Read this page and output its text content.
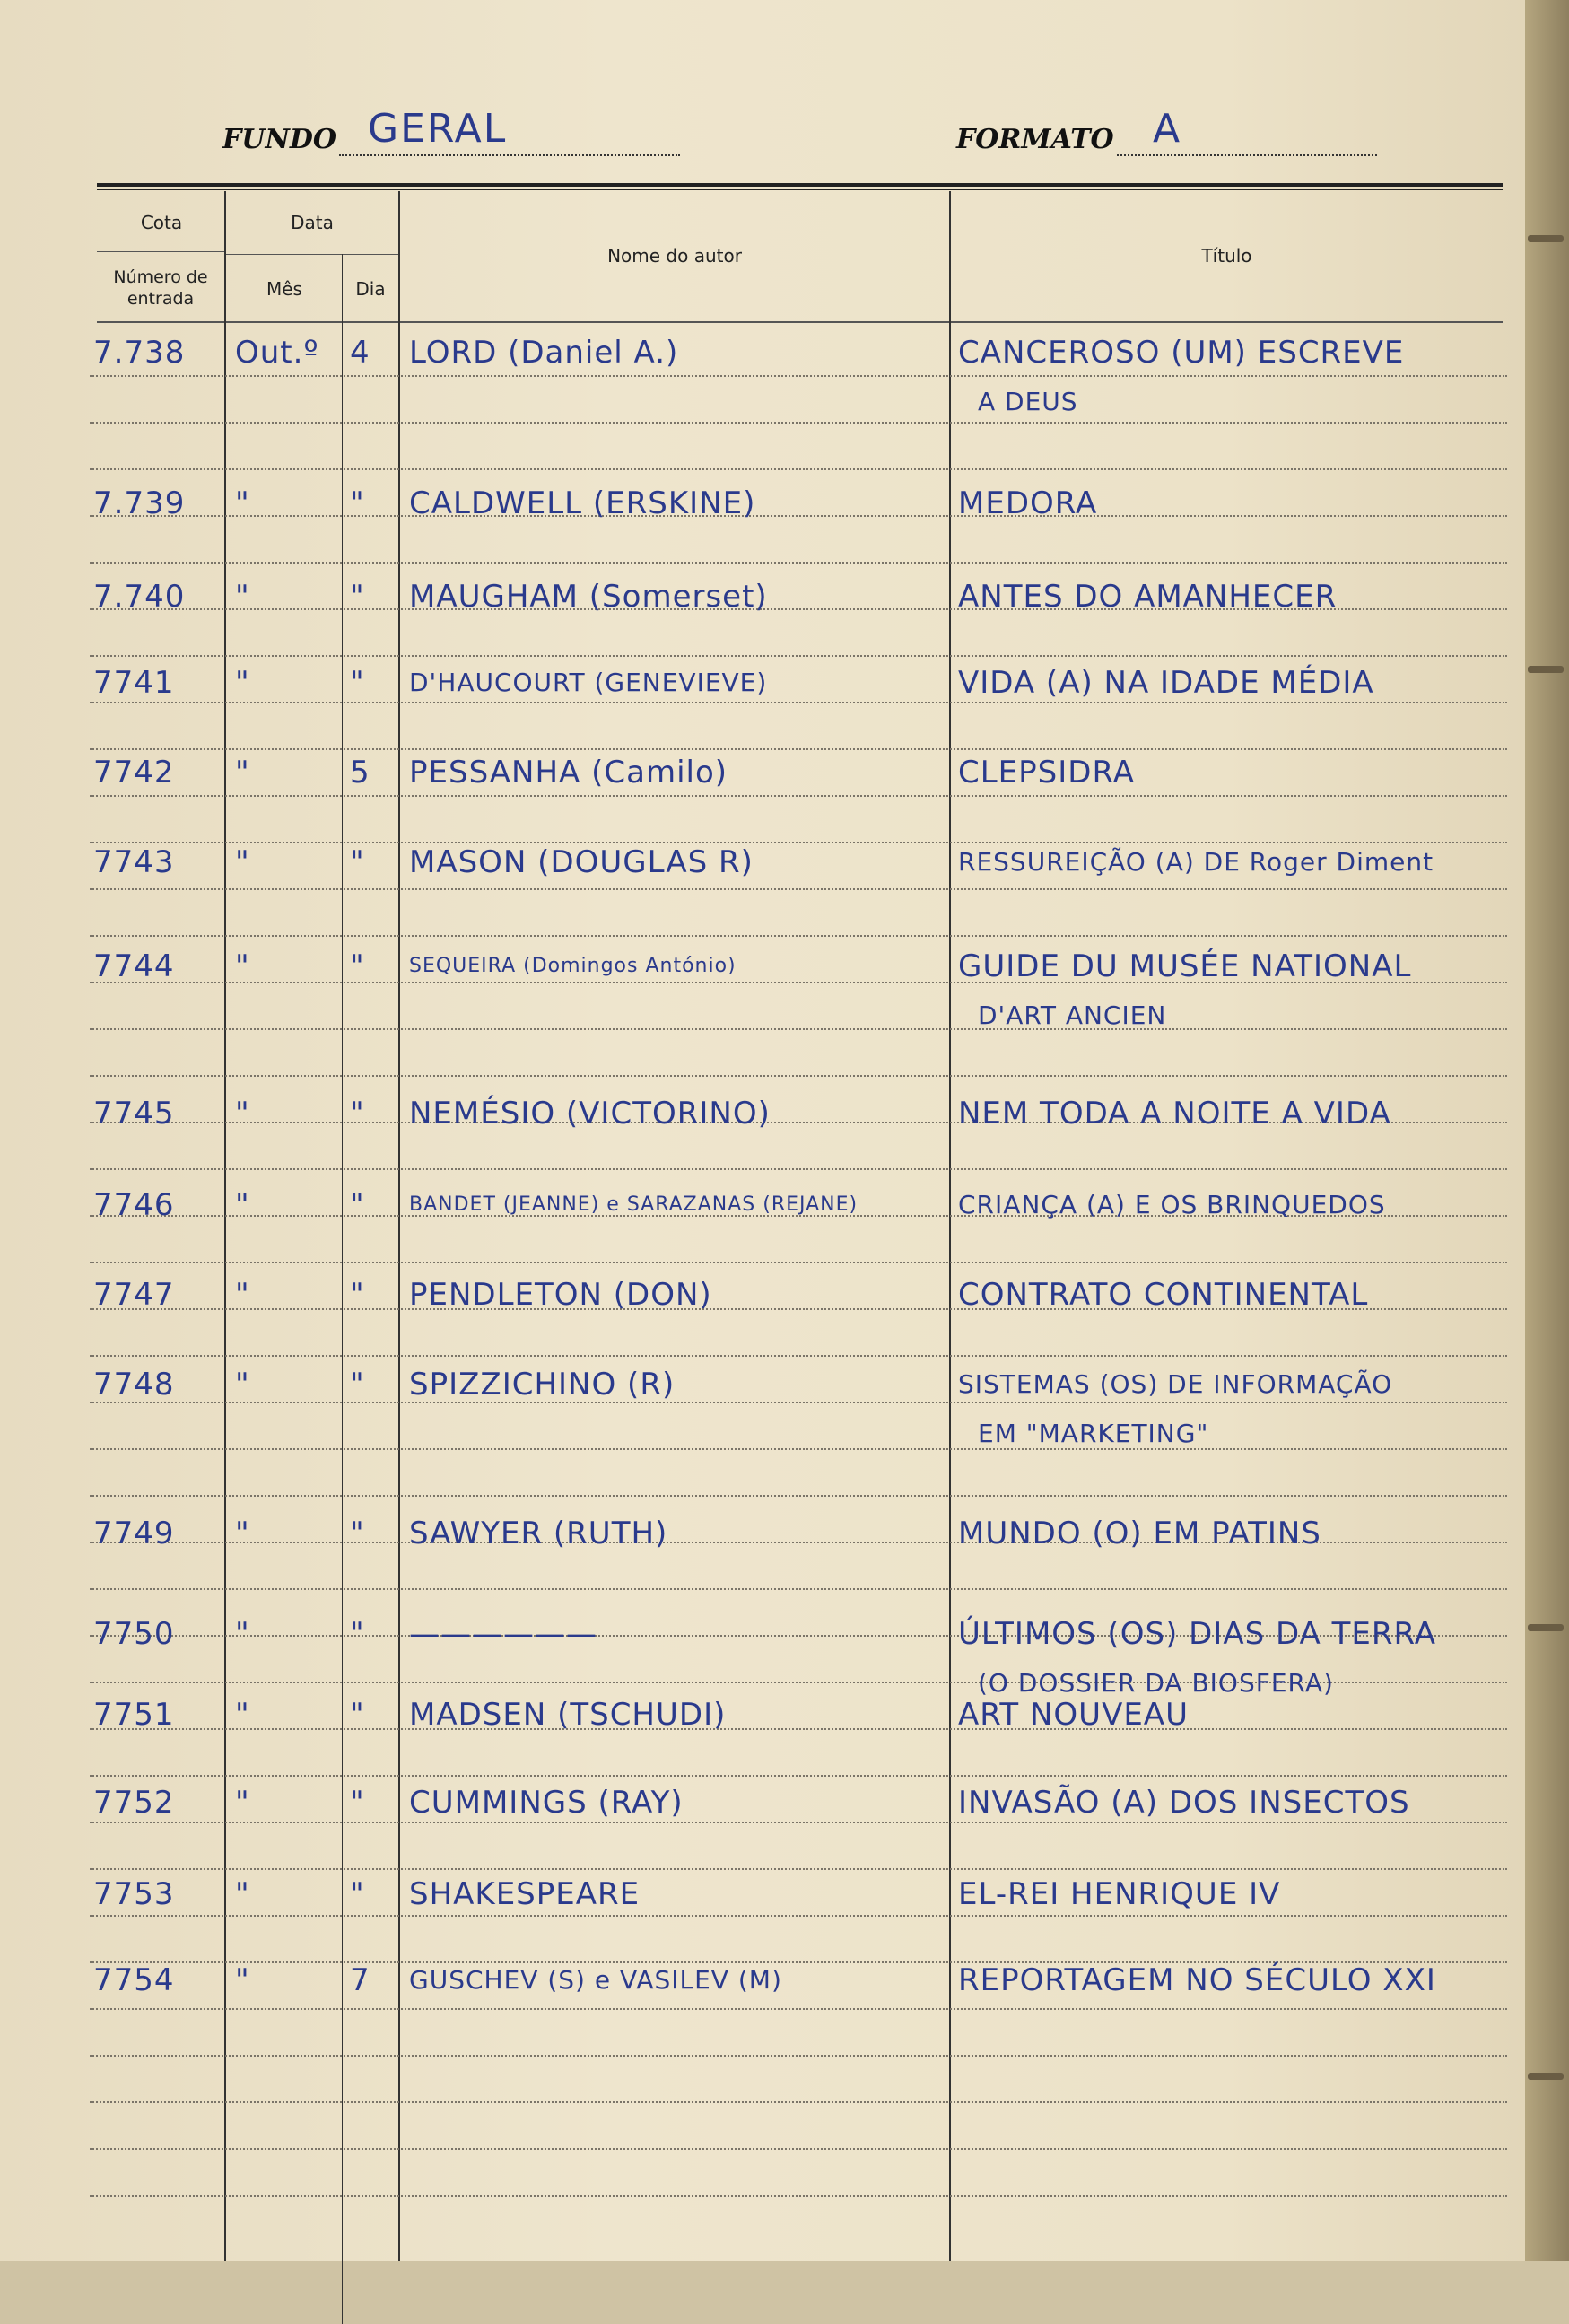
FUNDO GERAL	FORMATO A
Cota
Número de entrada
Data
Mês	Dia
Nome do autor	Título
7.738	Out.º	4	LORD (Daniel A.)	CANCEROSO (UM) ESCREVE
A DEUS
7.739	"	"	CALDWELL (ERSKINE)	MEDORA
7.740	"	"	MAUGHAM (Somerset)	ANTES DO AMANHECER
7741	"	"	D'HAUCOURT (GENEVIEVE)	VIDA (A) NA IDADE MÉDIA
7742	"	5	PESSANHA (Camilo)	CLEPSIDRA
7743	"	"	MASON (DOUGLAS R)	RESSUREIÇÃO (A) DE Roger Diment
7744	"	"	SEQUEIRA (Domingos António)	GUIDE DU MUSÉE NATIONAL
D'ART ANCIEN
7745	"	"	NEMÉSIO (VICTORINO)	NEM TODA A NOITE A VIDA
7746	"	"	BANDET (JEANNE) e SARAZANAS (REJANE)	CRIANÇA (A) E OS BRINQUEDOS
7747	"	"	PENDLETON (DON)	CONTRATO CONTINENTAL
7748	"	"	SPIZZICHINO (R)	SISTEMAS (OS) DE INFORMAÇÃO
EM "MARKETING"
7749	"	"	SAWYER (RUTH)	MUNDO (O) EM PATINS
7750	"	"	——————	ÚLTIMOS (OS) DIAS DA TERRA
(O DOSSIER DA BIOSFERA)
7751	"	"	MADSEN (TSCHUDI)	ART NOUVEAU
7752	"	"	CUMMINGS (RAY)	INVASÃO (A) DOS INSECTOS
7753	"	"	SHAKESPEARE	EL-REI HENRIQUE IV
7754	"	7	GUSCHEV (S) e VASILEV (M)	REPORTAGEM NO SÉCULO XXI
